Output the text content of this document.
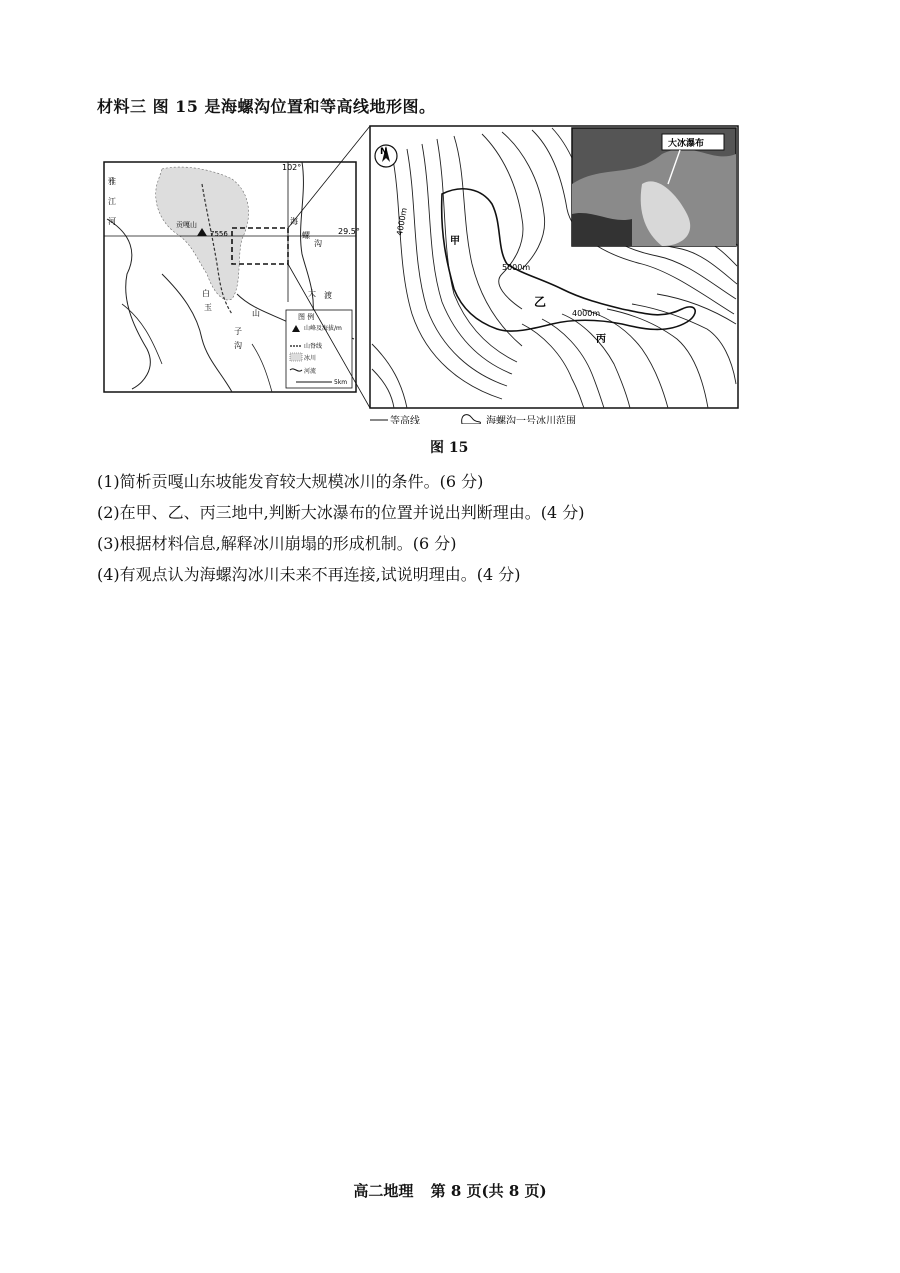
材料三 图 15 是海螺沟位置和等高线地形图。
102°
29.5°
贡嘎山
7556
雅
江
河	海
螺
沟
大 渡
白
玉
子
沟
山	图 例
山峰及海拔/m
山脊线
冰川
河流
5km
N
4000m
5000m
4000m
甲
乙
丙
大冰瀑布
等高线	海螺沟一号冰川范围
图 15
(1)简析贡嘎山东坡能发育较大规模冰川的条件。(6 分)
(2)在甲、乙、丙三地中,判断大冰瀑布的位置并说出判断理由。(4 分)
(3)根据材料信息,解释冰川崩塌的形成机制。(6 分)
(4)有观点认为海螺沟冰川未来不再连接,试说明理由。(4 分)
高二地理 第 8 页(共 8 页)
